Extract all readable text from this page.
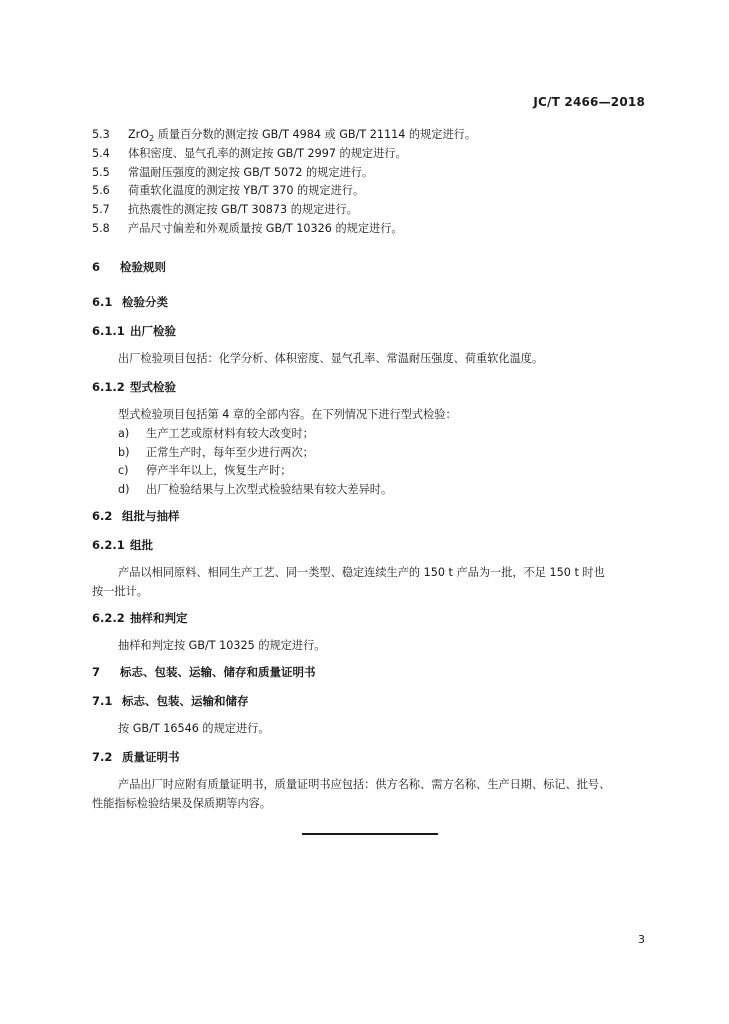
JC/T 2466—2018
5.3 ZrO$_2$ 质量百分数的测定按 GB/T 4984 或 GB/T 21114 的规定进行。
5.4 体积密度、显气孔率的测定按 GB/T 2997 的规定进行。
5.5 常温耐压强度的测定按 GB/T 5072 的规定进行。
5.6 荷重软化温度的测定按 YB/T 370 的规定进行。
5.7 抗热震性的测定按 GB/T 30873 的规定进行。
5.8 产品尺寸偏差和外观质量按 GB/T 10326 的规定进行。
6 检验规则
6.1 检验分类
6.1.1 出厂检验
出厂检验项目包括：化学分析、体积密度、显气孔率、常温耐压强度、荷重软化温度。
6.1.2 型式检验
型式检验项目包括第 4 章的全部内容。在下列情况下进行型式检验：
a) 生产工艺或原材料有较大改变时；
b) 正常生产时，每年至少进行两次；
c) 停产半年以上，恢复生产时；
d) 出厂检验结果与上次型式检验结果有较大差异时。
6.2 组批与抽样
6.2.1 组批
产品以相同原料、相同生产工艺、同一类型、稳定连续生产的 150 t 产品为一批，不足 150 t 时也
按一批计。
6.2.2 抽样和判定
抽样和判定按 GB/T 10325 的规定进行。
7 标志、包装、运输、储存和质量证明书
7.1 标志、包装、运输和储存
按 GB/T 16546 的规定进行。
7.2 质量证明书
产品出厂时应附有质量证明书，质量证明书应包括：供方名称、需方名称、生产日期、标记、批号、
性能指标检验结果及保质期等内容。
3
